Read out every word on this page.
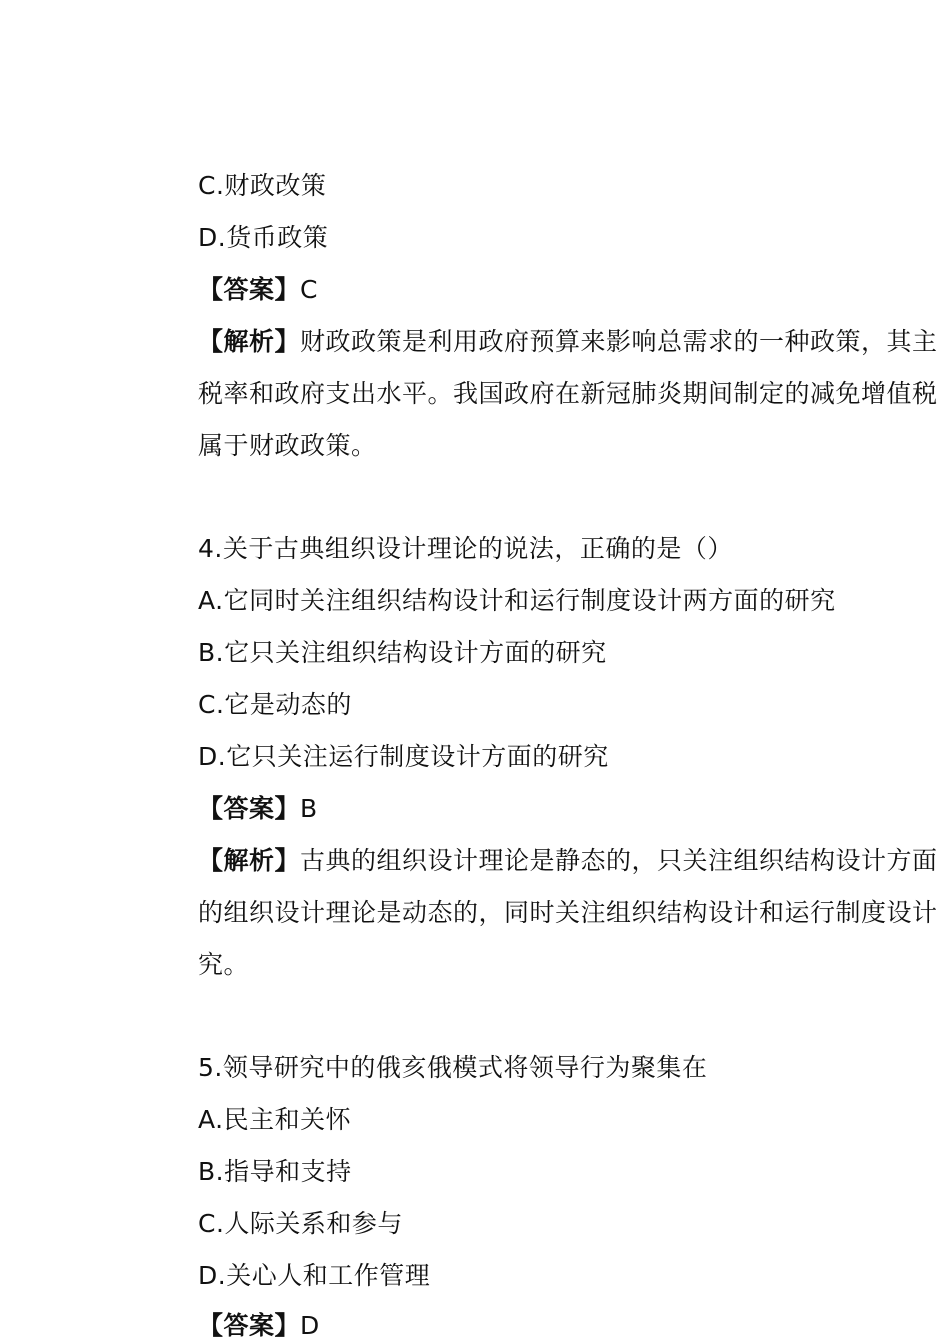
C.财政改策
D.货币政策
【答案】C
【解析】财政政策是利用政府预算来影响总需求的一种政策，其主
税率和政府支出水平。我国政府在新冠肺炎期间制定的减免增值税
属于财政政策。
4.关于古典组织设计理论的说法，正确的是（）
A.它同时关注组织结构设计和运行制度设计两方面的研究
B.它只关注组织结构设计方面的研究
C.它是动态的
D.它只关注运行制度设计方面的研究
【答案】B
【解析】古典的组织设计理论是静态的，只关注组织结构设计方面
的组织设计理论是动态的，同时关注组织结构设计和运行制度设计
究。
5.领导研究中的俄亥俄模式将领导行为聚集在
A.民主和关怀
B.指导和支持
C.人际关系和参与
D.关心人和工作管理
【答案】D
